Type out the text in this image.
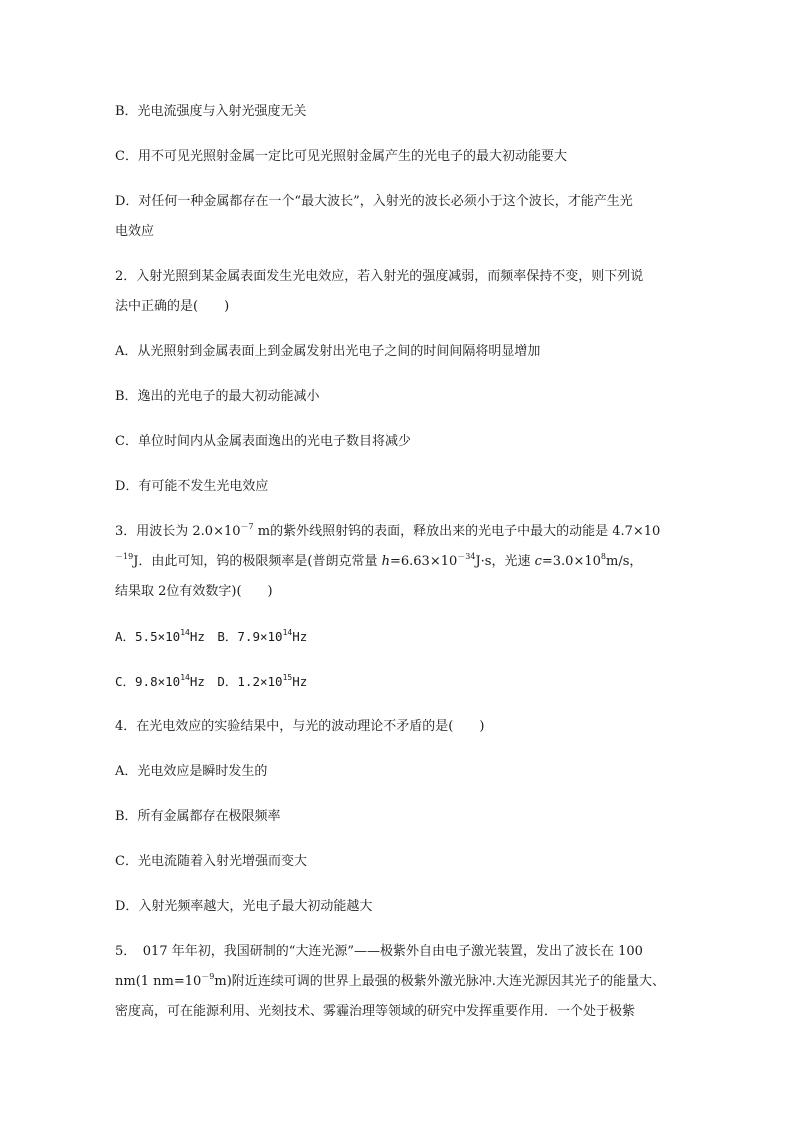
B．光电流强度与入射光强度无关
C．用不可见光照射金属一定比可见光照射金属产生的光电子的最大初动能要大
D．对任何一种金属都存在一个“最大波长”，入射光的波长必须小于这个波长，才能产生光
电效应
2．入射光照到某金属表面发生光电效应，若入射光的强度减弱，而频率保持不变，则下列说
法中正确的是(　　)
A．从光照射到金属表面上到金属发射出光电子之间的时间间隔将明显增加
B．逸出的光电子的最大初动能减小
C．单位时间内从金属表面逸出的光电子数目将减少
D．有可能不发生光电效应
3．用波长为 $2.0\times 10^{-7}$ m的紫外线照射钨的表面，释放出来的光电子中最大的动能是 4.7×10
$^{-19}$J．由此可知，钨的极限频率是(普朗克常量 $h=6.63\times 10^{-34}J\cdot s$，光速 $c=3.0\times 10^8m/s$，
结果取 2位有效数字)(　　)
A．$5.5\times 10^{14}Hz$　B．$7.9\times 10^{14}Hz$
C．$9.8\times 10^{14}Hz$　D．$1.2\times 10^{15}Hz$
4．在光电效应的实验结果中，与光的波动理论不矛盾的是(　　)
A．光电效应是瞬时发生的
B．所有金属都存在极限频率
C．光电流随着入射光增强而变大
D．入射光频率越大，光电子最大初动能越大
5．　017 年年初，我国研制的“大连光源”——极紫外自由电子激光装置，发出了波长在 100
nm(1 $nm=10^{-9}m$)附近连续可调的世界上最强的极紫外激光脉冲.大连光源因其光子的能量大、
密度高，可在能源利用、光刻技术、雾霾治理等领域的研究中发挥重要作用．一个处于极紫
